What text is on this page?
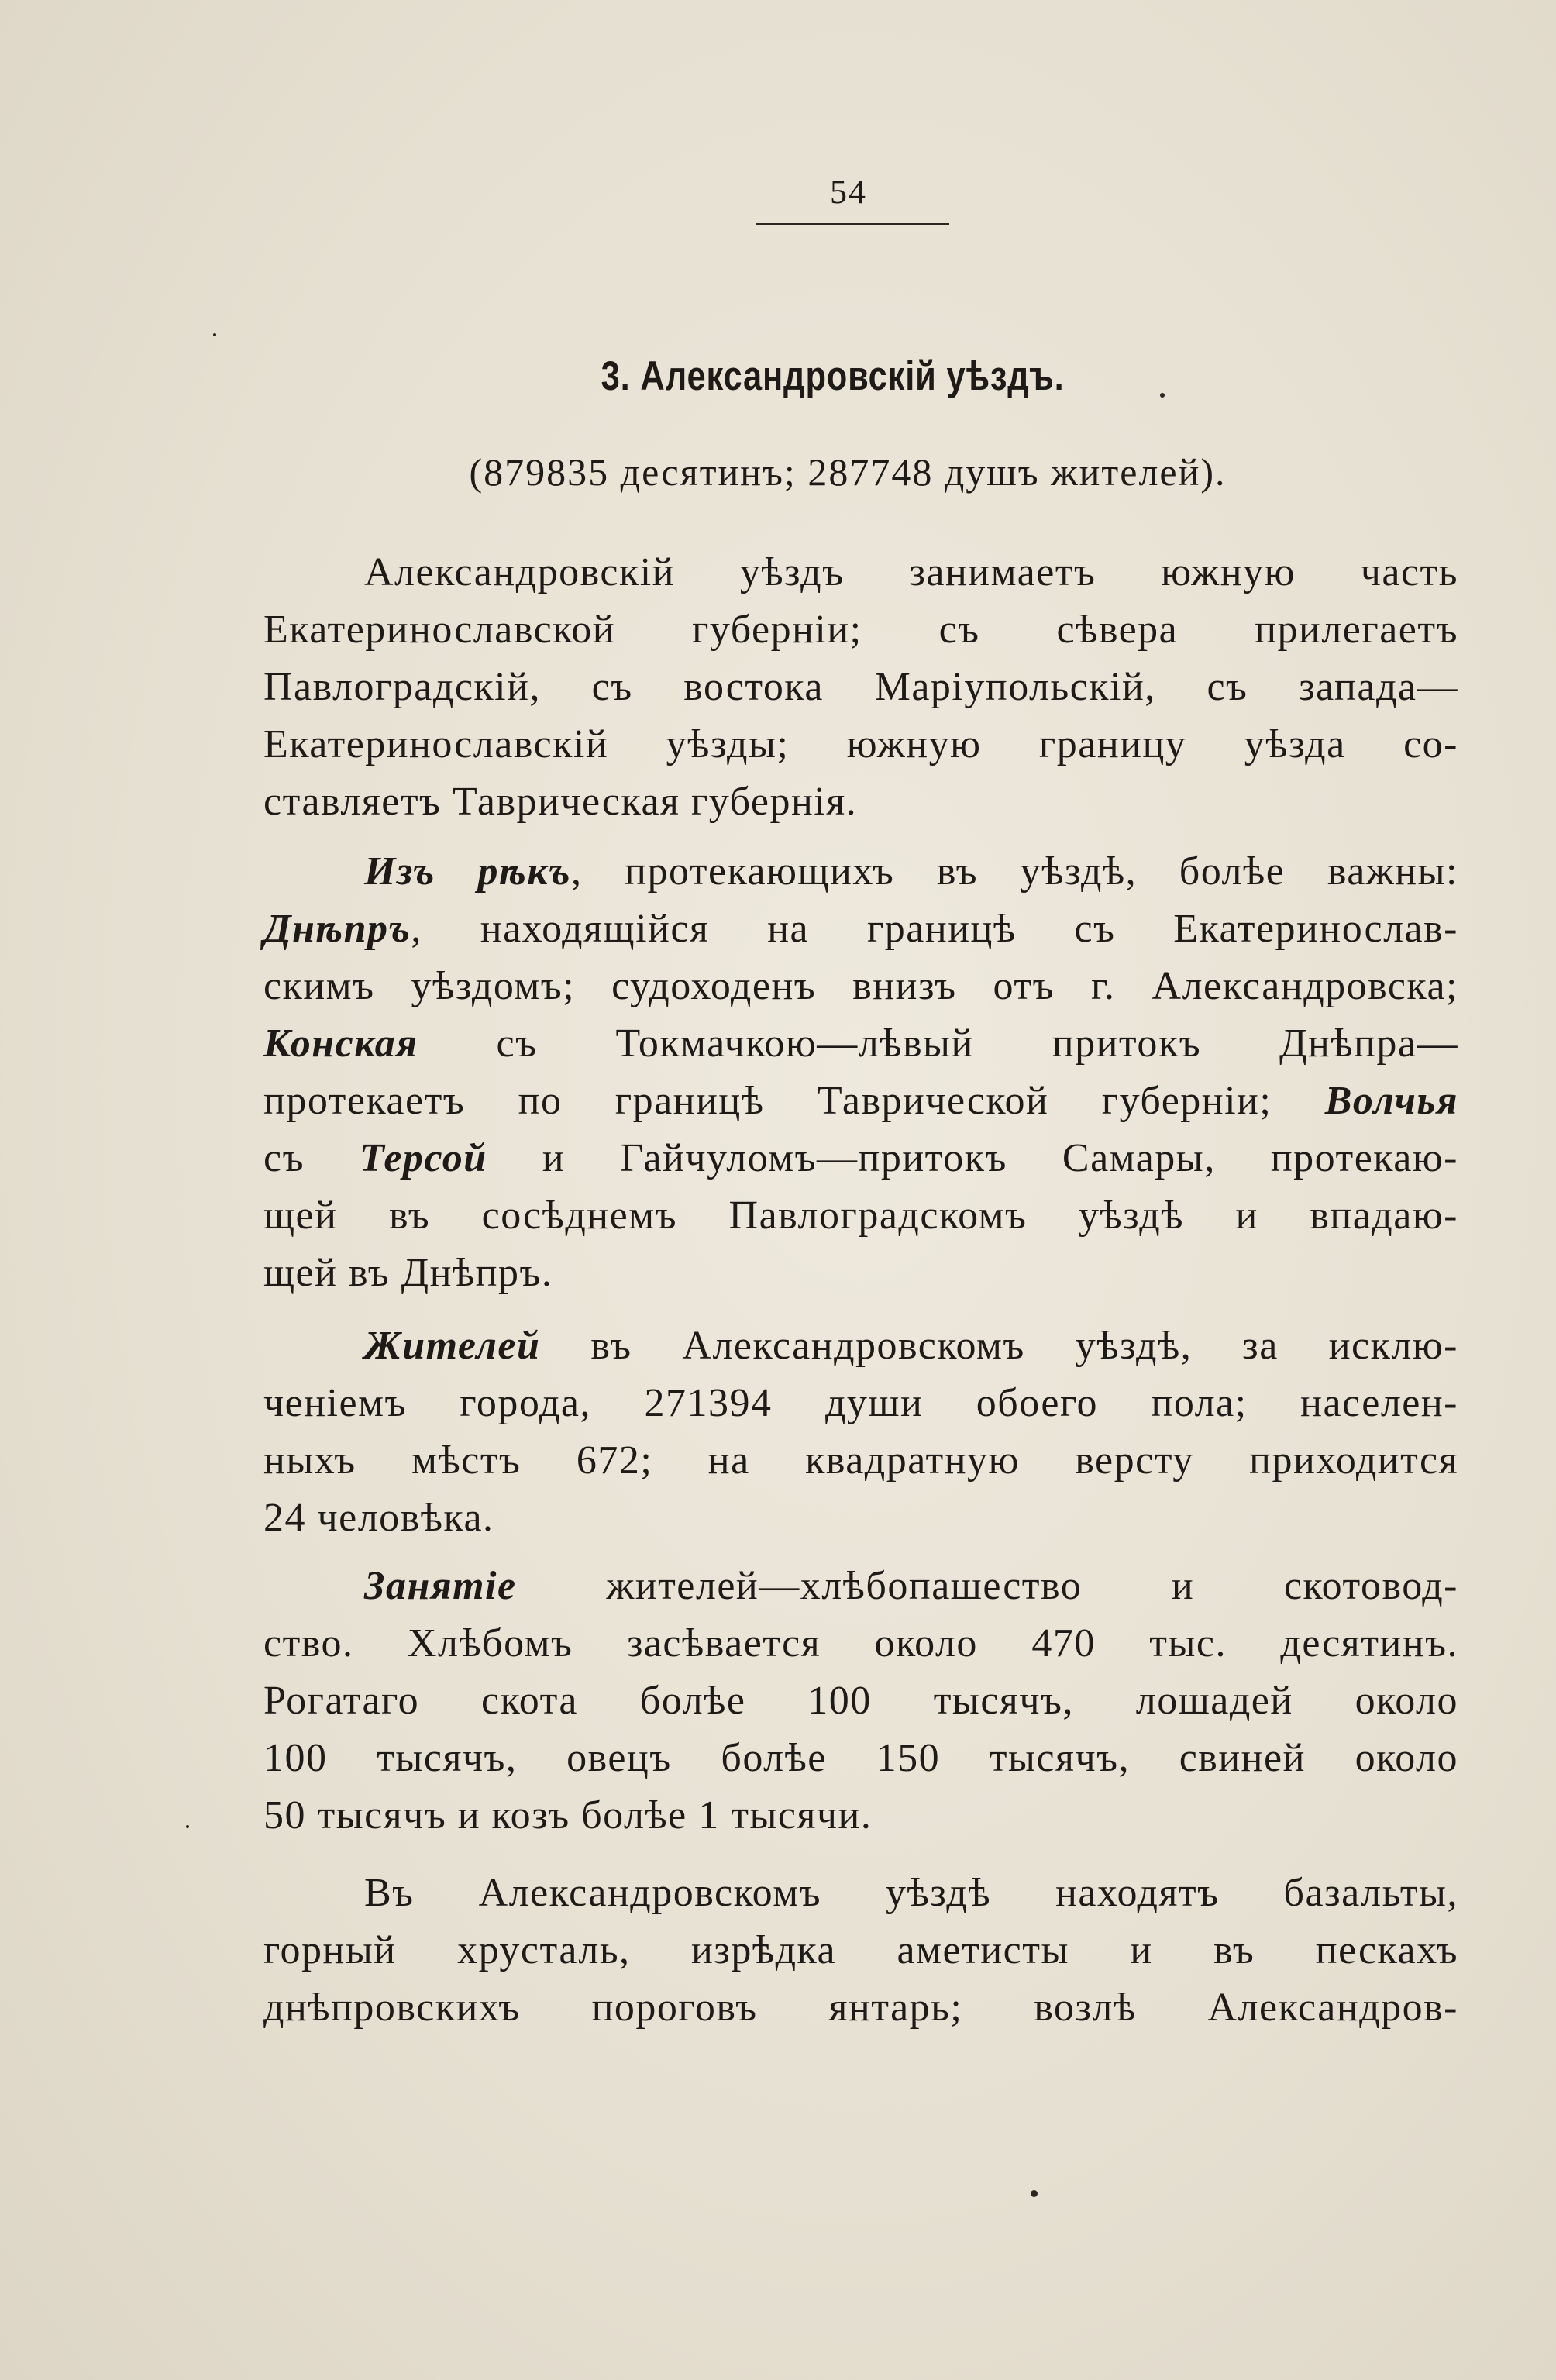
54
3. Александровскій уѣздъ.
(879835 десятинъ; 287748 душъ жителей).
Александровскій уѣздъ занимаетъ южную часть
Екатеринославской губерніи; съ сѣвера прилегаетъ
Павлоградскій, съ востока Маріупольскій, съ запада—
Екатеринославскій уѣзды; южную границу уѣзда со-
ставляетъ Таврическая губернія.
Изъ рѣкъ, протекающихъ въ уѣздѣ, болѣе важны:
Днѣпръ, находящійся на границѣ съ Екатеринослав-
скимъ уѣздомъ; судоходенъ внизъ отъ г. Александровска;
Конская съ Токмачкою—лѣвый притокъ Днѣпра—
протекаетъ по границѣ Таврической губерніи; Волчья
съ Терсой и Гайчуломъ—притокъ Самары, протекаю-
щей въ сосѣднемъ Павлоградскомъ уѣздѣ и впадаю-
щей въ Днѣпръ.
Жителей въ Александровскомъ уѣздѣ, за исклю-
ченіемъ города, 271394 души обоего пола; населен-
ныхъ мѣстъ 672; на квадратную версту приходится
24 человѣка.
Занятіе жителей—хлѣбопашество и скотовод-
ство. Хлѣбомъ засѣвается около 470 тыс. десятинъ.
Рогатаго скота болѣе 100 тысячъ, лошадей около
100 тысячъ, овецъ болѣе 150 тысячъ, свиней около
50 тысячъ и козъ болѣе 1 тысячи.
Въ Александровскомъ уѣздѣ находятъ базальты,
горный хрусталь, изрѣдка аметисты и въ пескахъ
днѣпровскихъ пороговъ янтарь; возлѣ Александров-
